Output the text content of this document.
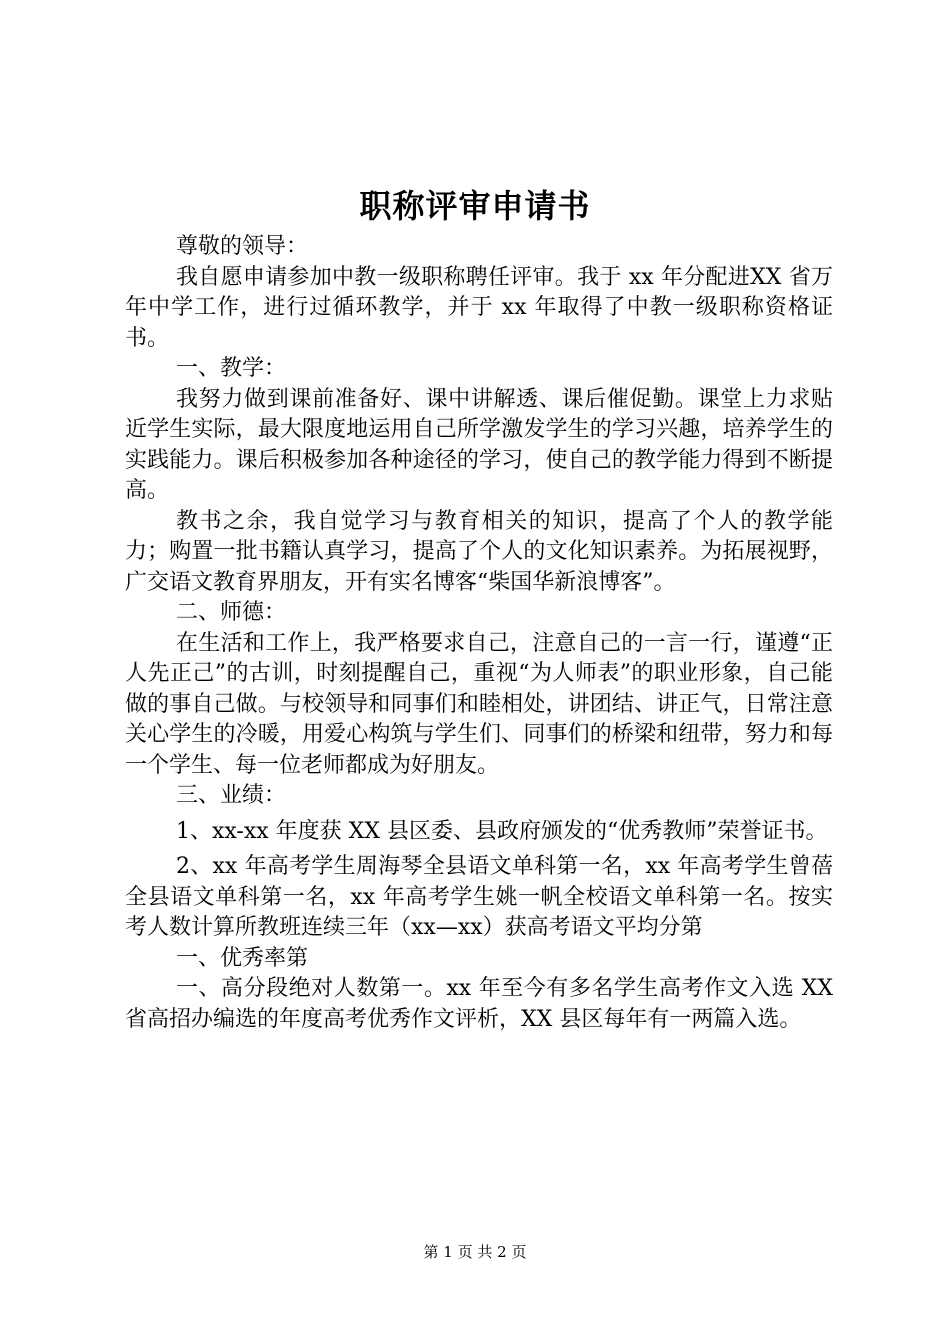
职称评审申请书

尊敬的领导：

我自愿申请参加中教一级职称聘任评审。我于 xx 年分配进XX 省万年中学工作，进行过循环教学，并于 xx 年取得了中教一级职称资格证书。

一、教学：

我努力做到课前准备好、课中讲解透、课后催促勤。课堂上力求贴近学生实际，最大限度地运用自己所学激发学生的学习兴趣，培养学生的实践能力。课后积极参加各种途径的学习，使自己的教学能力得到不断提高。

教书之余，我自觉学习与教育相关的知识，提高了个人的教学能力；购置一批书籍认真学习，提高了个人的文化知识素养。为拓展视野，广交语文教育界朋友，开有实名博客“柴国华新浪博客”。

二、师德：

在生活和工作上，我严格要求自己，注意自己的一言一行，谨遵“正人先正己”的古训，时刻提醒自己，重视“为人师表”的职业形象，自己能做的事自己做。与校领导和同事们和睦相处，讲团结、讲正气，日常注意关心学生的冷暖，用爱心构筑与学生们、同事们的桥梁和纽带，努力和每一个学生、每一位老师都成为好朋友。

三、业绩：

1、xx-xx 年度获 XX 县区委、县政府颁发的“优秀教师”荣誉证书。

2、xx 年高考学生周海琴全县语文单科第一名，xx 年高考学生曾蓓全县语文单科第一名，xx 年高考学生姚一帆全校语文单科第一名。按实考人数计算所教班连续三年（xx—xx）获高考语文平均分第

一、优秀率第

一、高分段绝对人数第一。xx 年至今有多名学生高考作文入选 XX 省高招办编选的年度高考优秀作文评析，XX 县区每年有一两篇入选。

第 1 页 共 2 页
